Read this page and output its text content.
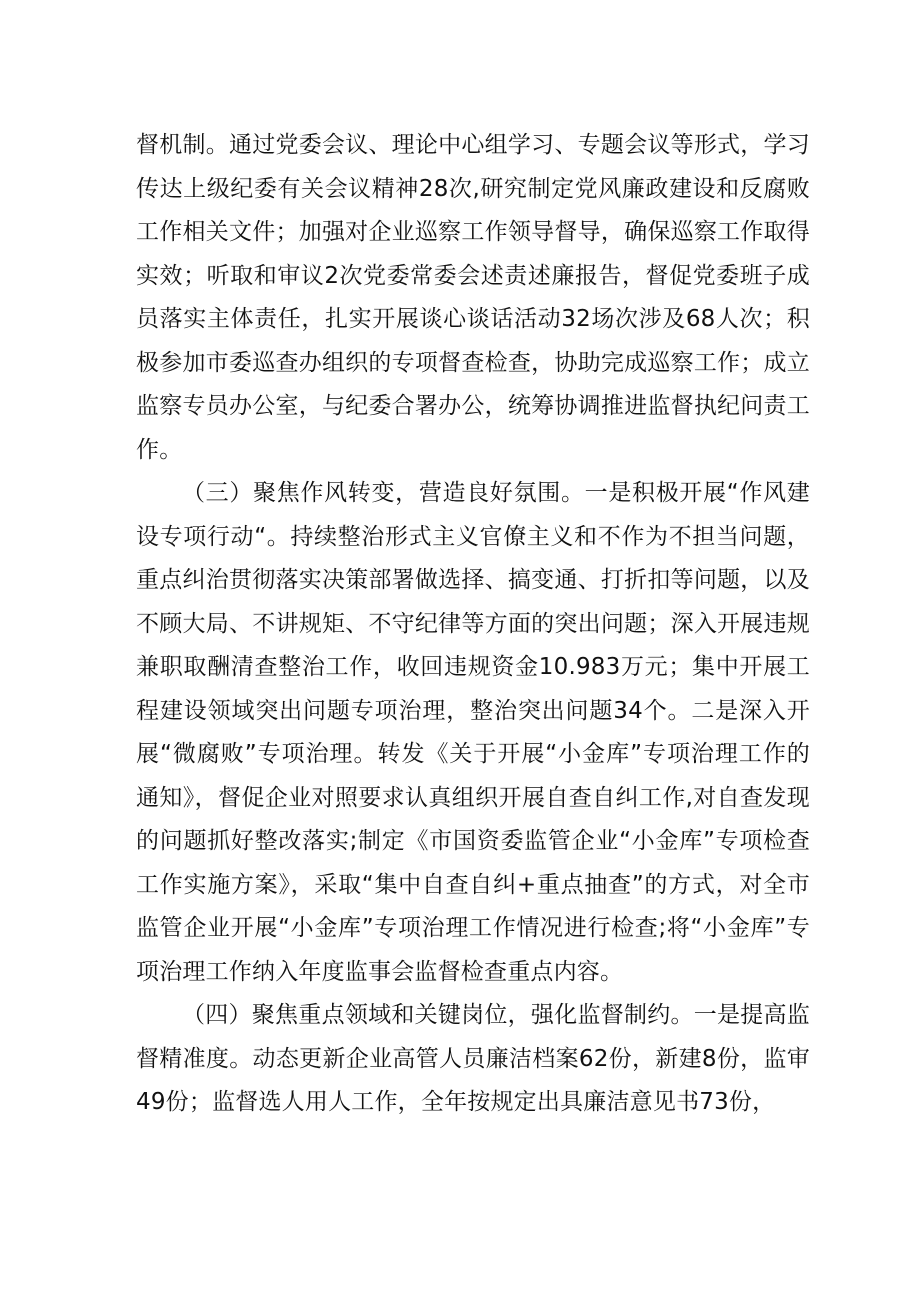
督机制。通过党委会议、理论中心组学习、专题会议等形式，学习传达上级纪委有关会议精神28次,研究制定党风廉政建设和反腐败工作相关文件；加强对企业巡察工作领导督导，确保巡察工作取得实效；听取和审议2次党委常委会述责述廉报告，督促党委班子成员落实主体责任，扎实开展谈心谈话活动32场次涉及68人次；积极参加市委巡查办组织的专项督查检查，协助完成巡察工作；成立监察专员办公室，与纪委合署办公，统筹协调推进监督执纪问责工作。

（三）聚焦作风转变，营造良好氛围。一是积极开展“作风建设专项行动“。持续整治形式主义官僚主义和不作为不担当问题，重点纠治贯彻落实决策部署做选择、搞变通、打折扣等问题，以及不顾大局、不讲规矩、不守纪律等方面的突出问题；深入开展违规兼职取酬清查整治工作，收回违规资金10.983万元；集中开展工程建设领域突出问题专项治理，整治突出问题34个。二是深入开展“微腐败”专项治理。转发《关于开展“小金库”专项治理工作的通知》，督促企业对照要求认真组织开展自查自纠工作,对自查发现的问题抓好整改落实;制定《市国资委监管企业“小金库”专项检查工作实施方案》，采取“集中自查自纠+重点抽查”的方式，对全市监管企业开展“小金库”专项治理工作情况进行检查;将“小金库”专项治理工作纳入年度监事会监督检查重点内容。

（四）聚焦重点领域和关键岗位，强化监督制约。一是提高监督精准度。动态更新企业高管人员廉洁档案62份，新建8份，监审49份；监督选人用人工作，全年按规定出具廉洁意见书73份，
